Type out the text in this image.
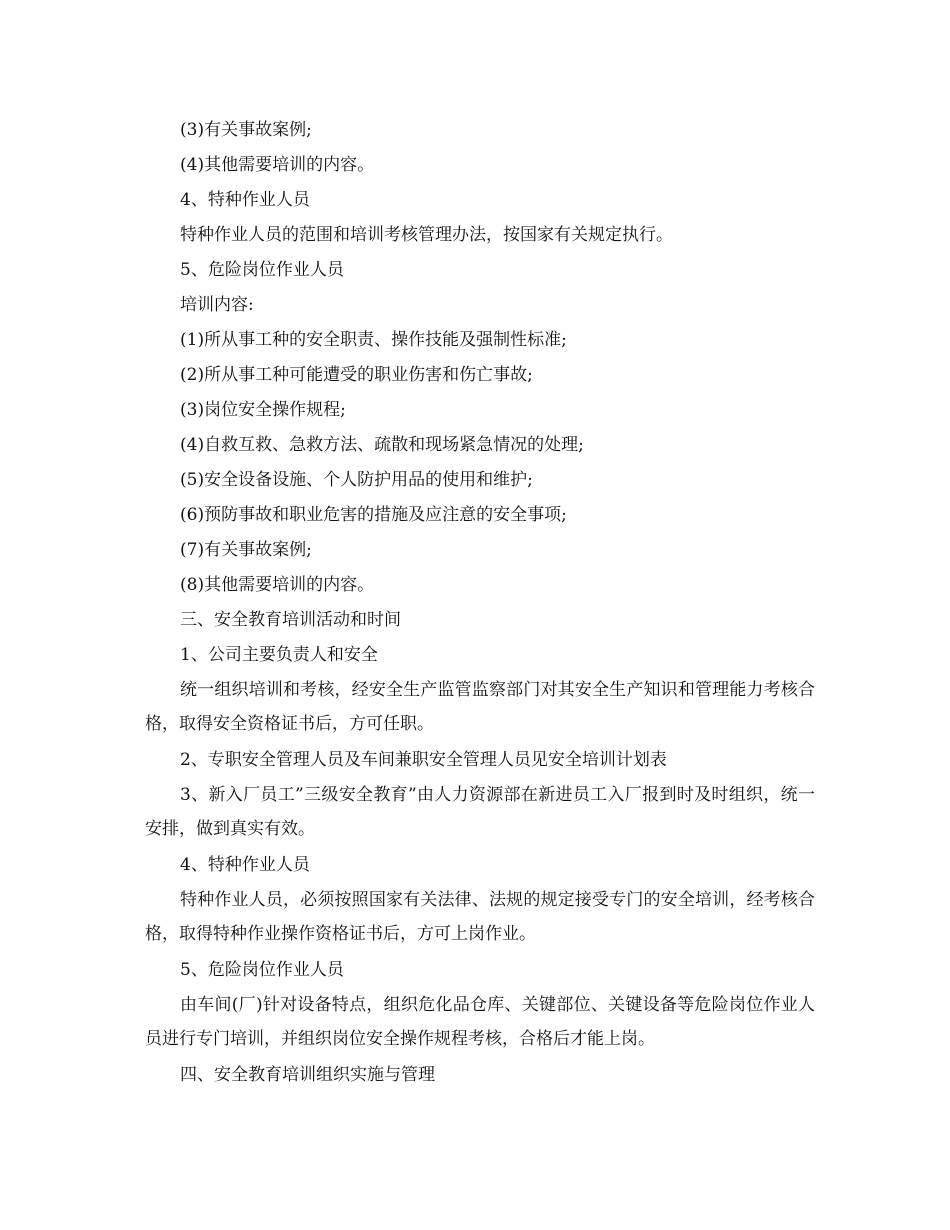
(3)有关事故案例;

(4)其他需要培训的内容。

4、特种作业人员

特种作业人员的范围和培训考核管理办法，按国家有关规定执行。

5、危险岗位作业人员

培训内容:

(1)所从事工种的安全职责、操作技能及强制性标准;

(2)所从事工种可能遭受的职业伤害和伤亡事故;

(3)岗位安全操作规程;

(4)自救互救、急救方法、疏散和现场紧急情况的处理;

(5)安全设备设施、个人防护用品的使用和维护;

(6)预防事故和职业危害的措施及应注意的安全事项;

(7)有关事故案例;

(8)其他需要培训的内容。

三、安全教育培训活动和时间

1、公司主要负责人和安全

统一组织培训和考核，经安全生产监管监察部门对其安全生产知识和管理能力考核合格，取得安全资格证书后，方可任职。

2、专职安全管理人员及车间兼职安全管理人员见安全培训计划表

3、新入厂员工”三级安全教育”由人力资源部在新进员工入厂报到时及时组织，统一安排，做到真实有效。

4、特种作业人员

特种作业人员，必须按照国家有关法律、法规的规定接受专门的安全培训，经考核合格，取得特种作业操作资格证书后，方可上岗作业。

5、危险岗位作业人员

由车间(厂)针对设备特点，组织危化品仓库、关键部位、关键设备等危险岗位作业人员进行专门培训，并组织岗位安全操作规程考核，合格后才能上岗。

四、安全教育培训组织实施与管理
